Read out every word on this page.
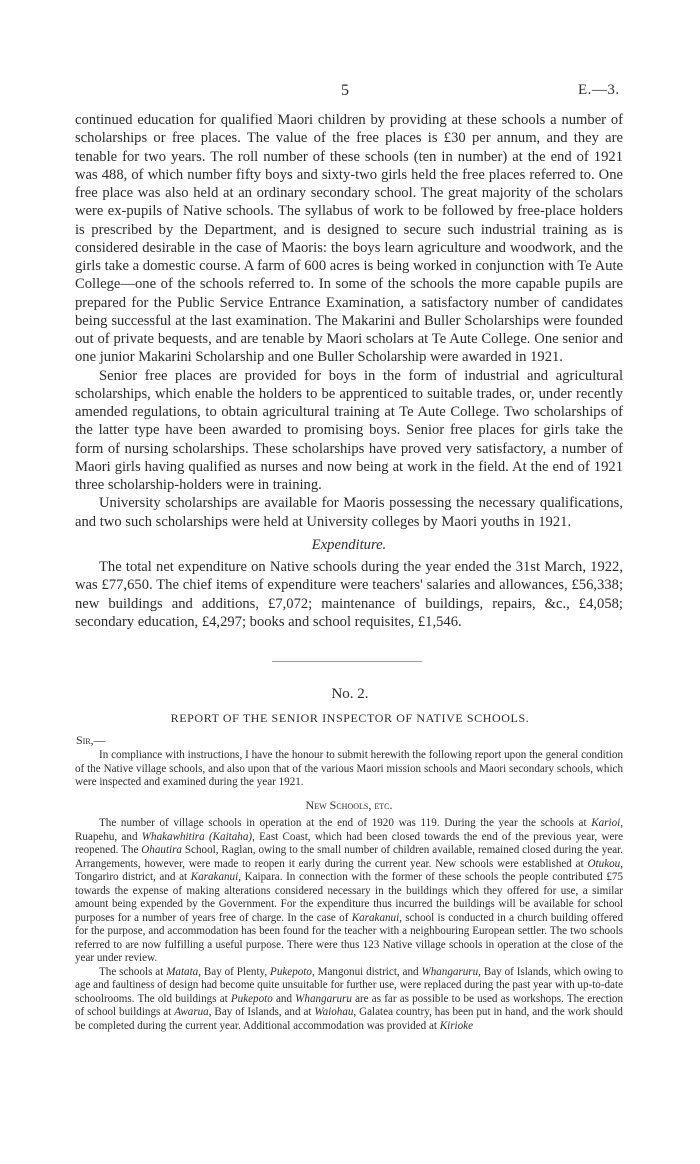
5	E.—3.

continued education for qualified Maori children by providing at these schools a number of scholarships or free places. The value of the free places is £30 per annum, and they are tenable for two years. The roll number of these schools (ten in number) at the end of 1921 was 488, of which number fifty boys and sixty-two girls held the free places referred to. One free place was also held at an ordinary secondary school. The great majority of the scholars were ex-pupils of Native schools. The syllabus of work to be followed by free-place holders is prescribed by the Department, and is designed to secure such industrial training as is considered desirable in the case of Maoris: the boys learn agriculture and woodwork, and the girls take a domestic course. A farm of 600 acres is being worked in conjunction with Te Aute College—one of the schools referred to. In some of the schools the more capable pupils are prepared for the Public Service Entrance Examination, a satisfactory number of candidates being successful at the last examination. The Makarini and Buller Scholarships were founded out of private bequests, and are tenable by Maori scholars at Te Aute College. One senior and one junior Makarini Scholarship and one Buller Scholarship were awarded in 1921.

Senior free places are provided for boys in the form of industrial and agricultural scholarships, which enable the holders to be apprenticed to suitable trades, or, under recently amended regulations, to obtain agricultural training at Te Aute College. Two scholarships of the latter type have been awarded to promising boys. Senior free places for girls take the form of nursing scholarships. These scholarships have proved very satisfactory, a number of Maori girls having qualified as nurses and now being at work in the field. At the end of 1921 three scholarship-holders were in training.

University scholarships are available for Maoris possessing the necessary qualifications, and two such scholarships were held at University colleges by Maori youths in 1921.

Expenditure.

The total net expenditure on Native schools during the year ended the 31st March, 1922, was £77,650. The chief items of expenditure were teachers' salaries and allowances, £56,338; new buildings and additions, £7,072; maintenance of buildings, repairs, &c., £4,058; secondary education, £4,297; books and school requisites, £1,546.

No. 2.
REPORT OF THE SENIOR INSPECTOR OF NATIVE SCHOOLS.
Sir,—

In compliance with instructions, I have the honour to submit herewith the following report upon the general condition of the Native village schools, and also upon that of the various Maori mission schools and Maori secondary schools, which were inspected and examined during the year 1921.

New Schools, etc.

The number of village schools in operation at the end of 1920 was 119. During the year the schools at Karioi, Ruapehu, and Whakawhitira (Kaitaha), East Coast, which had been closed towards the end of the previous year, were reopened. The Ohautira School, Raglan, owing to the small number of children available, remained closed during the year. Arrangements, however, were made to reopen it early during the current year. New schools were established at Otukou, Tongariro district, and at Karakanui, Kaipara. In connection with the former of these schools the people contributed £75 towards the expense of making alterations considered necessary in the buildings which they offered for use, a similar amount being expended by the Government. For the expenditure thus incurred the buildings will be available for school purposes for a number of years free of charge. In the case of Karakanui, school is conducted in a church building offered for the purpose, and accommodation has been found for the teacher with a neighbouring European settler. The two schools referred to are now fulfilling a useful purpose. There were thus 123 Native village schools in operation at the close of the year under review.

The schools at Matata, Bay of Plenty, Pukepoto, Mangonui district, and Whangaruru, Bay of Islands, which owing to age and faultiness of design had become quite unsuitable for further use, were replaced during the past year with up-to-date schoolrooms. The old buildings at Pukepoto and Whangaruru are as far as possible to be used as workshops. The erection of school buildings at Awarua, Bay of Islands, and at Waiohau, Galatea country, has been put in hand, and the work should be completed during the current year. Additional accommodation was provided at Kirioke
